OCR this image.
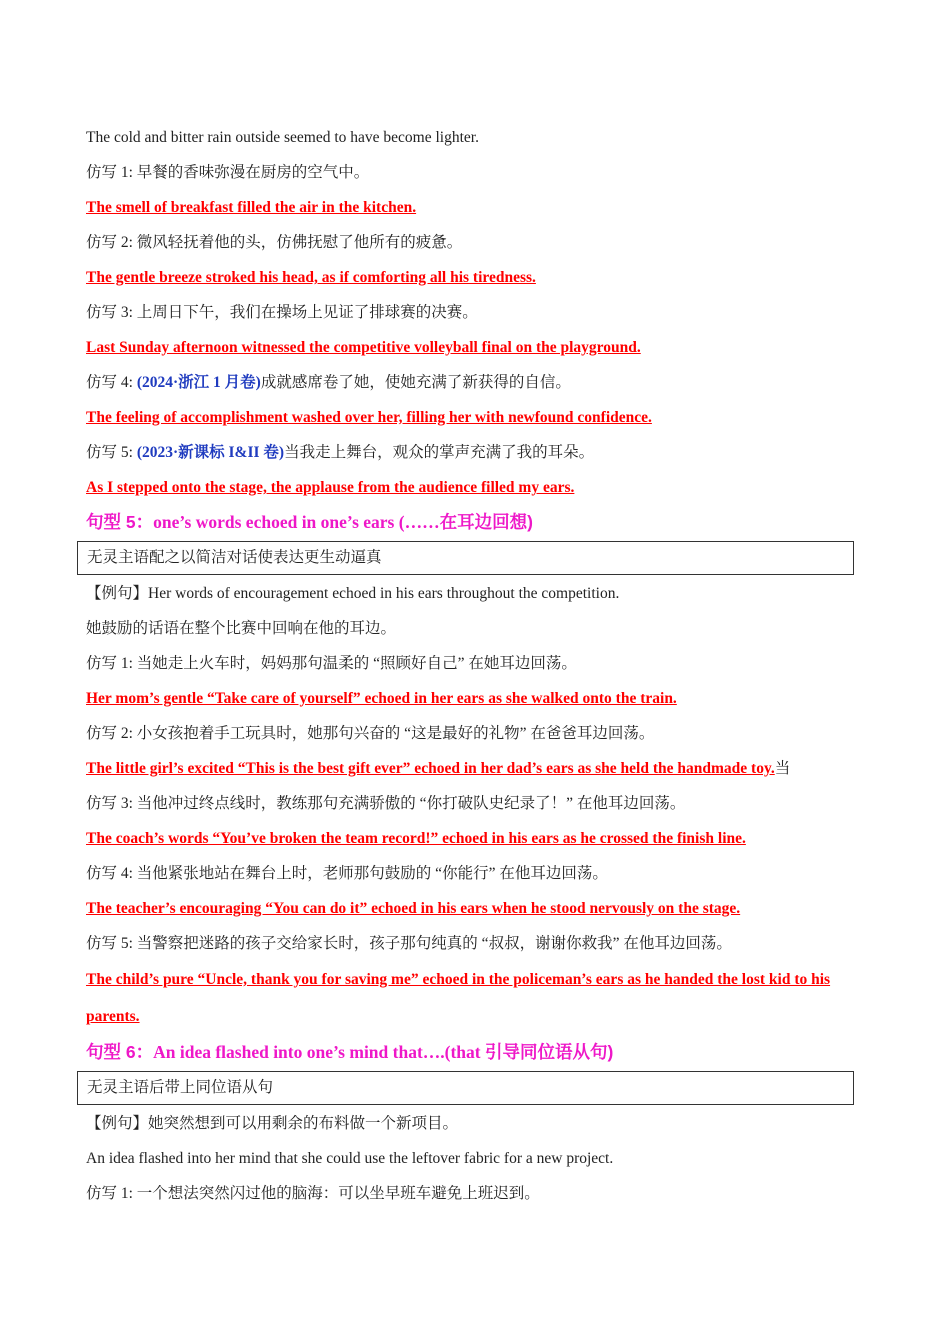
The cold and bitter rain outside seemed to have become lighter.
仿写 1: 早餐的香味弥漫在厨房的空气中。
The smell of breakfast filled the air in the kitchen.
仿写 2: 微风轻抚着他的头，仿佛抚慰了他所有的疲惫。
The gentle breeze stroked his head, as if comforting all his tiredness.
仿写 3: 上周日下午，我们在操场上见证了排球赛的决赛。
Last Sunday afternoon witnessed the competitive volleyball final on the playground.
仿写 4: (2024·浙江 1 月卷)成就感席卷了她，使她充满了新获得的自信。
The feeling of accomplishment washed over her, filling her with newfound confidence.
仿写 5: (2023·新课标 I&II 卷)当我走上舞台，观众的掌声充满了我的耳朵。
As I stepped onto the stage, the applause from the audience filled my ears.
句型 5：one’s words echoed in one’s ears (……在耳边回想)
无灵主语配之以简洁对话使表达更生动逼真
【例句】Her words of encouragement echoed in his ears throughout the competition.
她鼓励的话语在整个比赛中回响在他的耳边。
仿写 1: 当她走上火车时，妈妈那句温柔的 “照顾好自己” 在她耳边回荡。
Her mom’s gentle “Take care of yourself” echoed in her ears as she walked onto the train.
仿写 2: 小女孩抱着手工玩具时，她那句兴奋的 “这是最好的礼物” 在爸爸耳边回荡。
The little girl’s excited “This is the best gift ever” echoed in her dad’s ears as she held the handmade toy.当
仿写 3: 当他冲过终点线时，教练那句充满骄傲的 “你打破队史纪录了！” 在他耳边回荡。
The coach’s words “You’ve broken the team record!” echoed in his ears as he crossed the finish line.
仿写 4: 当他紧张地站在舞台上时，老师那句鼓励的 “你能行” 在他耳边回荡。
The teacher’s encouraging “You can do it” echoed in his ears when he stood nervously on the stage.
仿写 5: 当警察把迷路的孩子交给家长时，孩子那句纯真的 “叔叔，谢谢你救我” 在他耳边回荡。
The child’s pure “Uncle, thank you for saving me” echoed in the policeman’s ears as he handed the lost kid to his parents.
句型 6：An idea flashed into one’s mind that….(that 引导同位语从句)
无灵主语后带上同位语从句
【例句】她突然想到可以用剩余的布料做一个新项目。
An idea flashed into her mind that she could use the leftover fabric for a new project.
仿写 1: 一个想法突然闪过他的脑海：可以坐早班车避免上班迟到。
